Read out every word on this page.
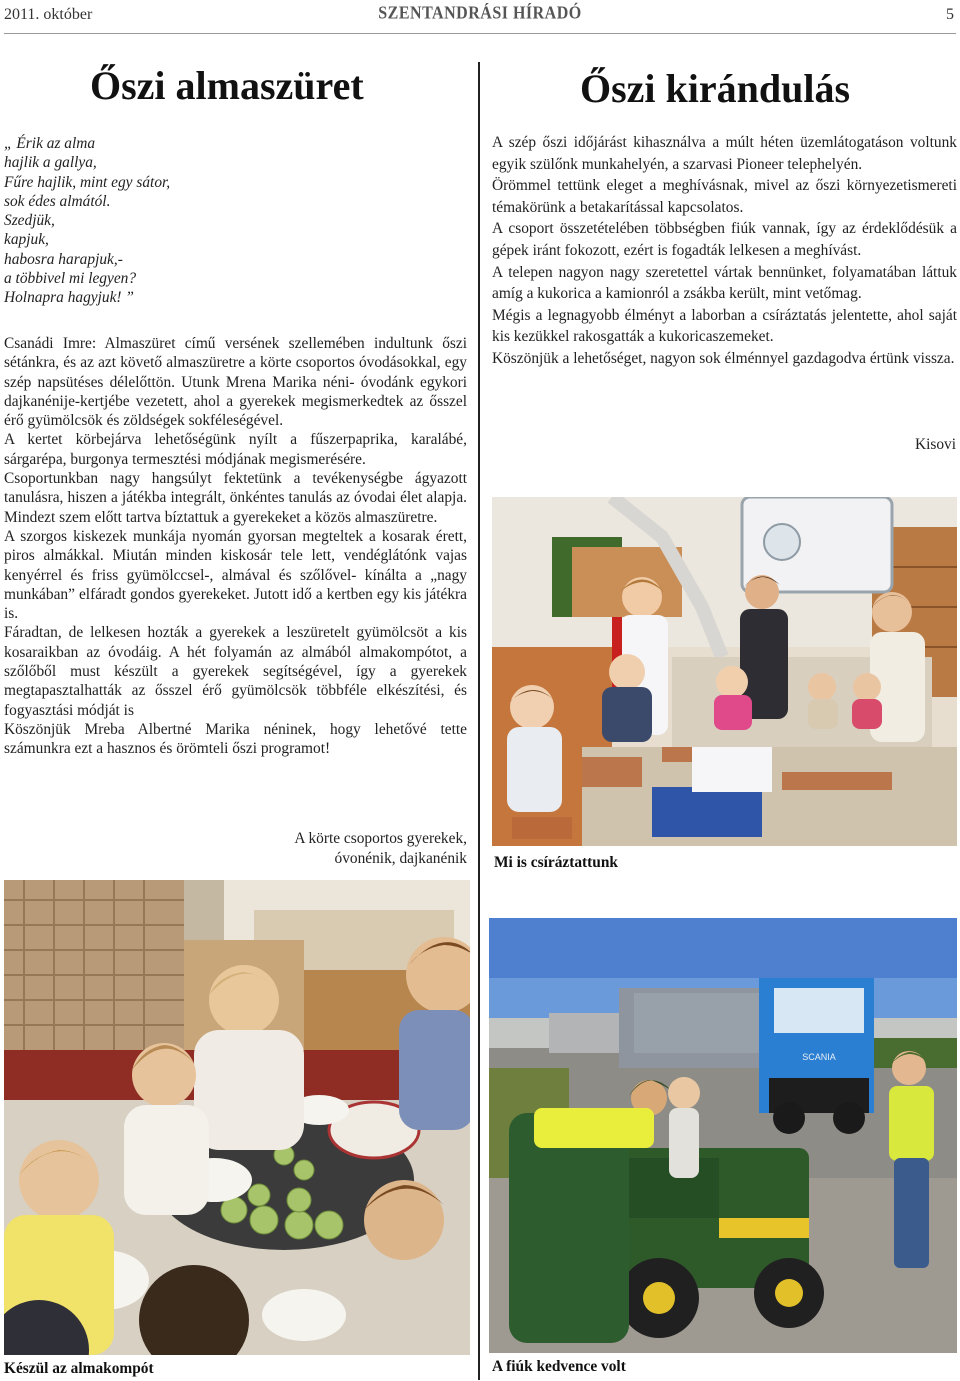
2011. október	SZENTANDRÁSI HÍRADÓ	5
Őszi almaszüret
„ Érik az alma
hajlik a gallya,
Fűre hajlik, mint egy sátor,
sok édes almától.
Szedjük,
kapjuk,
habosra harapjuk,-
a többivel mi legyen?
Holnapra hagyjuk! ”

Csanádi Imre: Almaszüret című versének szellemében indultunk őszi sétánkra, és az azt követő almaszüretre a körte csoportos óvodásokkal, egy szép napsütéses délelőttön. Utunk Mrena Marika néni- óvodánk egykori dajkanénije-kertjébe vezetett, ahol a gyerekek megismerkedtek az ősszel érő gyümölcsök és zöldségek sokféleségével.

A kertet körbejárva lehetőségünk nyílt a fűszerpaprika, karalábé, sárgarépa, burgonya termesztési módjának megismerésére.

Csoportunkban nagy hangsúlyt fektetünk a tevékenységbe ágyazott tanulásra, hiszen a játékba integrált, önkéntes tanulás az óvodai élet alapja. Mindezt szem előtt tartva bíztattuk a gyerekeket a közös almaszüretre.

A szorgos kiskezek munkája nyomán gyorsan megteltek a kosarak érett, piros almákkal. Miután minden kiskosár tele lett, vendéglátónk vajas kenyérrel és friss gyümölccsel-, almával és szőlővel- kínálta a „nagy munkában” elfáradt gondos gyerekeket. Jutott idő a kertben egy kis játékra is.

Fáradtan, de lelkesen hozták a gyerekek a leszüretelt gyümölcsöt a kis kosaraikban az óvodáig. A hét folyamán az almából almakompótot, a szőlőből must készült a gyerekek segítségével, így a gyerekek megtapasztalhatták az ősszel érő gyümölcsök többféle elkészítési, és fogyasztási módját is

Köszönjük Mreba Albertné Marika néninek, hogy lehetővé tette számunkra ezt a hasznos és örömteli őszi programot!

A körte csoportos gyerekek,
óvonénik, dajkanénik
Készül az almakompót
Őszi kirándulás

A szép őszi időjárást kihasználva a múlt héten üzemlátogatáson voltunk egyik szülőnk munkahelyén, a szarvasi Pioneer telephelyén.

Örömmel tettünk eleget a meghívásnak, mivel az őszi környezetismereti témakörünk a betakarítással kapcsolatos.

A csoport összetételében többségben fiúk vannak, így az érdeklődésük a gépek iránt fokozott, ezért is fogadták lelkesen a meghívást.

A telepen nagyon nagy szeretettel vártak bennünket, folyamatában láttuk amíg a kukorica a kamionról a zsákba került, mint vetőmag.

Mégis a legnagyobb élményt a laborban a csíráztatás jelentette, ahol saját kis kezükkel rakosgatták a kukoricaszemeket.

Köszönjük a lehetőséget, nagyon sok élménnyel gazdagodva értünk vissza.

Kisovi
Mi is csíráztattunk
SCANIA
A fiúk kedvence volt
